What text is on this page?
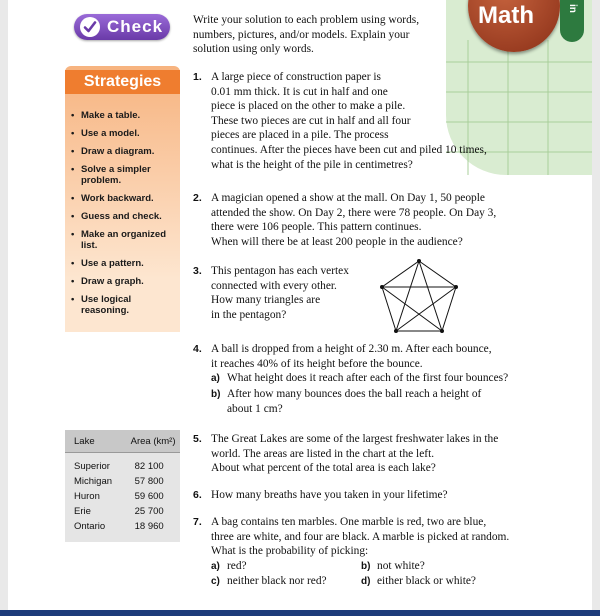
Check	Math	in
Write your solution to each problem using words, numbers, pictures, and/or models. Explain your solution using only words.
Strategies
• Make a table.
• Use a model.
• Draw a diagram.
• Solve a simpler problem.
• Work backward.
• Guess and check.
• Make an organized list.
• Use a pattern.
• Draw a graph.
• Use logical reasoning.
Lake	Area (km²)

Superior	82 100
Michigan	57 800
Huron	59 600
Erie	25 700
Ontario	18 960
1. A large piece of construction paper is
0.01 mm thick. It is cut in half and one
piece is placed on the other to make a pile.
These two pieces are cut in half and all four
pieces are placed in a pile. The process
continues. After the pieces have been cut and piled 10 times,
what is the height of the pile in centimetres?
2. A magician opened a show at the mall. On Day 1, 50 people
attended the show. On Day 2, there were 78 people. On Day 3,
there were 106 people. This pattern continues.
When will there be at least 200 people in the audience?
3. This pentagon has each vertex
connected with every other.
How many triangles are
in the pentagon?
4. A ball is dropped from a height of 2.30 m. After each bounce,
it reaches 40% of its height before the bounce.
a) What height does it reach after each of the first four bounces?
b) After how many bounces does the ball reach a height of
about 1 cm?
5. The Great Lakes are some of the largest freshwater lakes in the
world. The areas are listed in the chart at the left.
About what percent of the total area is each lake?
6. How many breaths have you taken in your lifetime?
7. A bag contains ten marbles. One marble is red, two are blue,
three are white, and four are black. A marble is picked at random.
What is the probability of picking:
a) red?	b) not white?
c) neither black nor red?	d) either black or white?
